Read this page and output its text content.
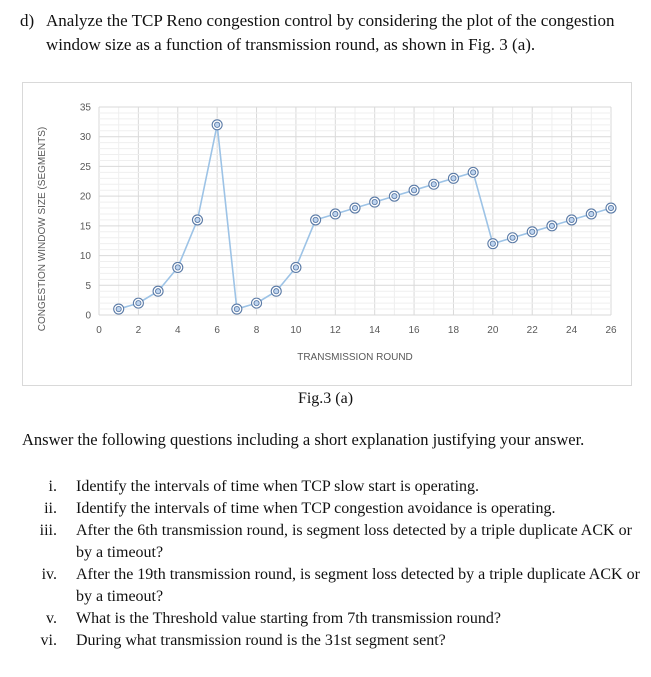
d) Analyze the TCP Reno congestion control by considering the plot of the congestion
window size as a function of transmission round, as shown in Fig. 3 (a).
0	2	4	6	8	10	12	14	16	18	20	22	24	26
0
5
10
15
20
25
30
35
TRANSMISSION ROUND
CONGESTION WINDOW SIZE (SEGMENTS)
Fig.3 (a)
Answer the following questions including a short explanation justifying your answer.
i.	Identify the intervals of time when TCP slow start is operating.
ii.	Identify the intervals of time when TCP congestion avoidance is operating.
iii.	After the 6th transmission round, is segment loss detected by a triple duplicate ACK or by a timeout?
iv.	After the 19th transmission round, is segment loss detected by a triple duplicate ACK or by a timeout?
v.	What is the Threshold value starting from 7th transmission round?
vi.	During what transmission round is the 31st segment sent?
